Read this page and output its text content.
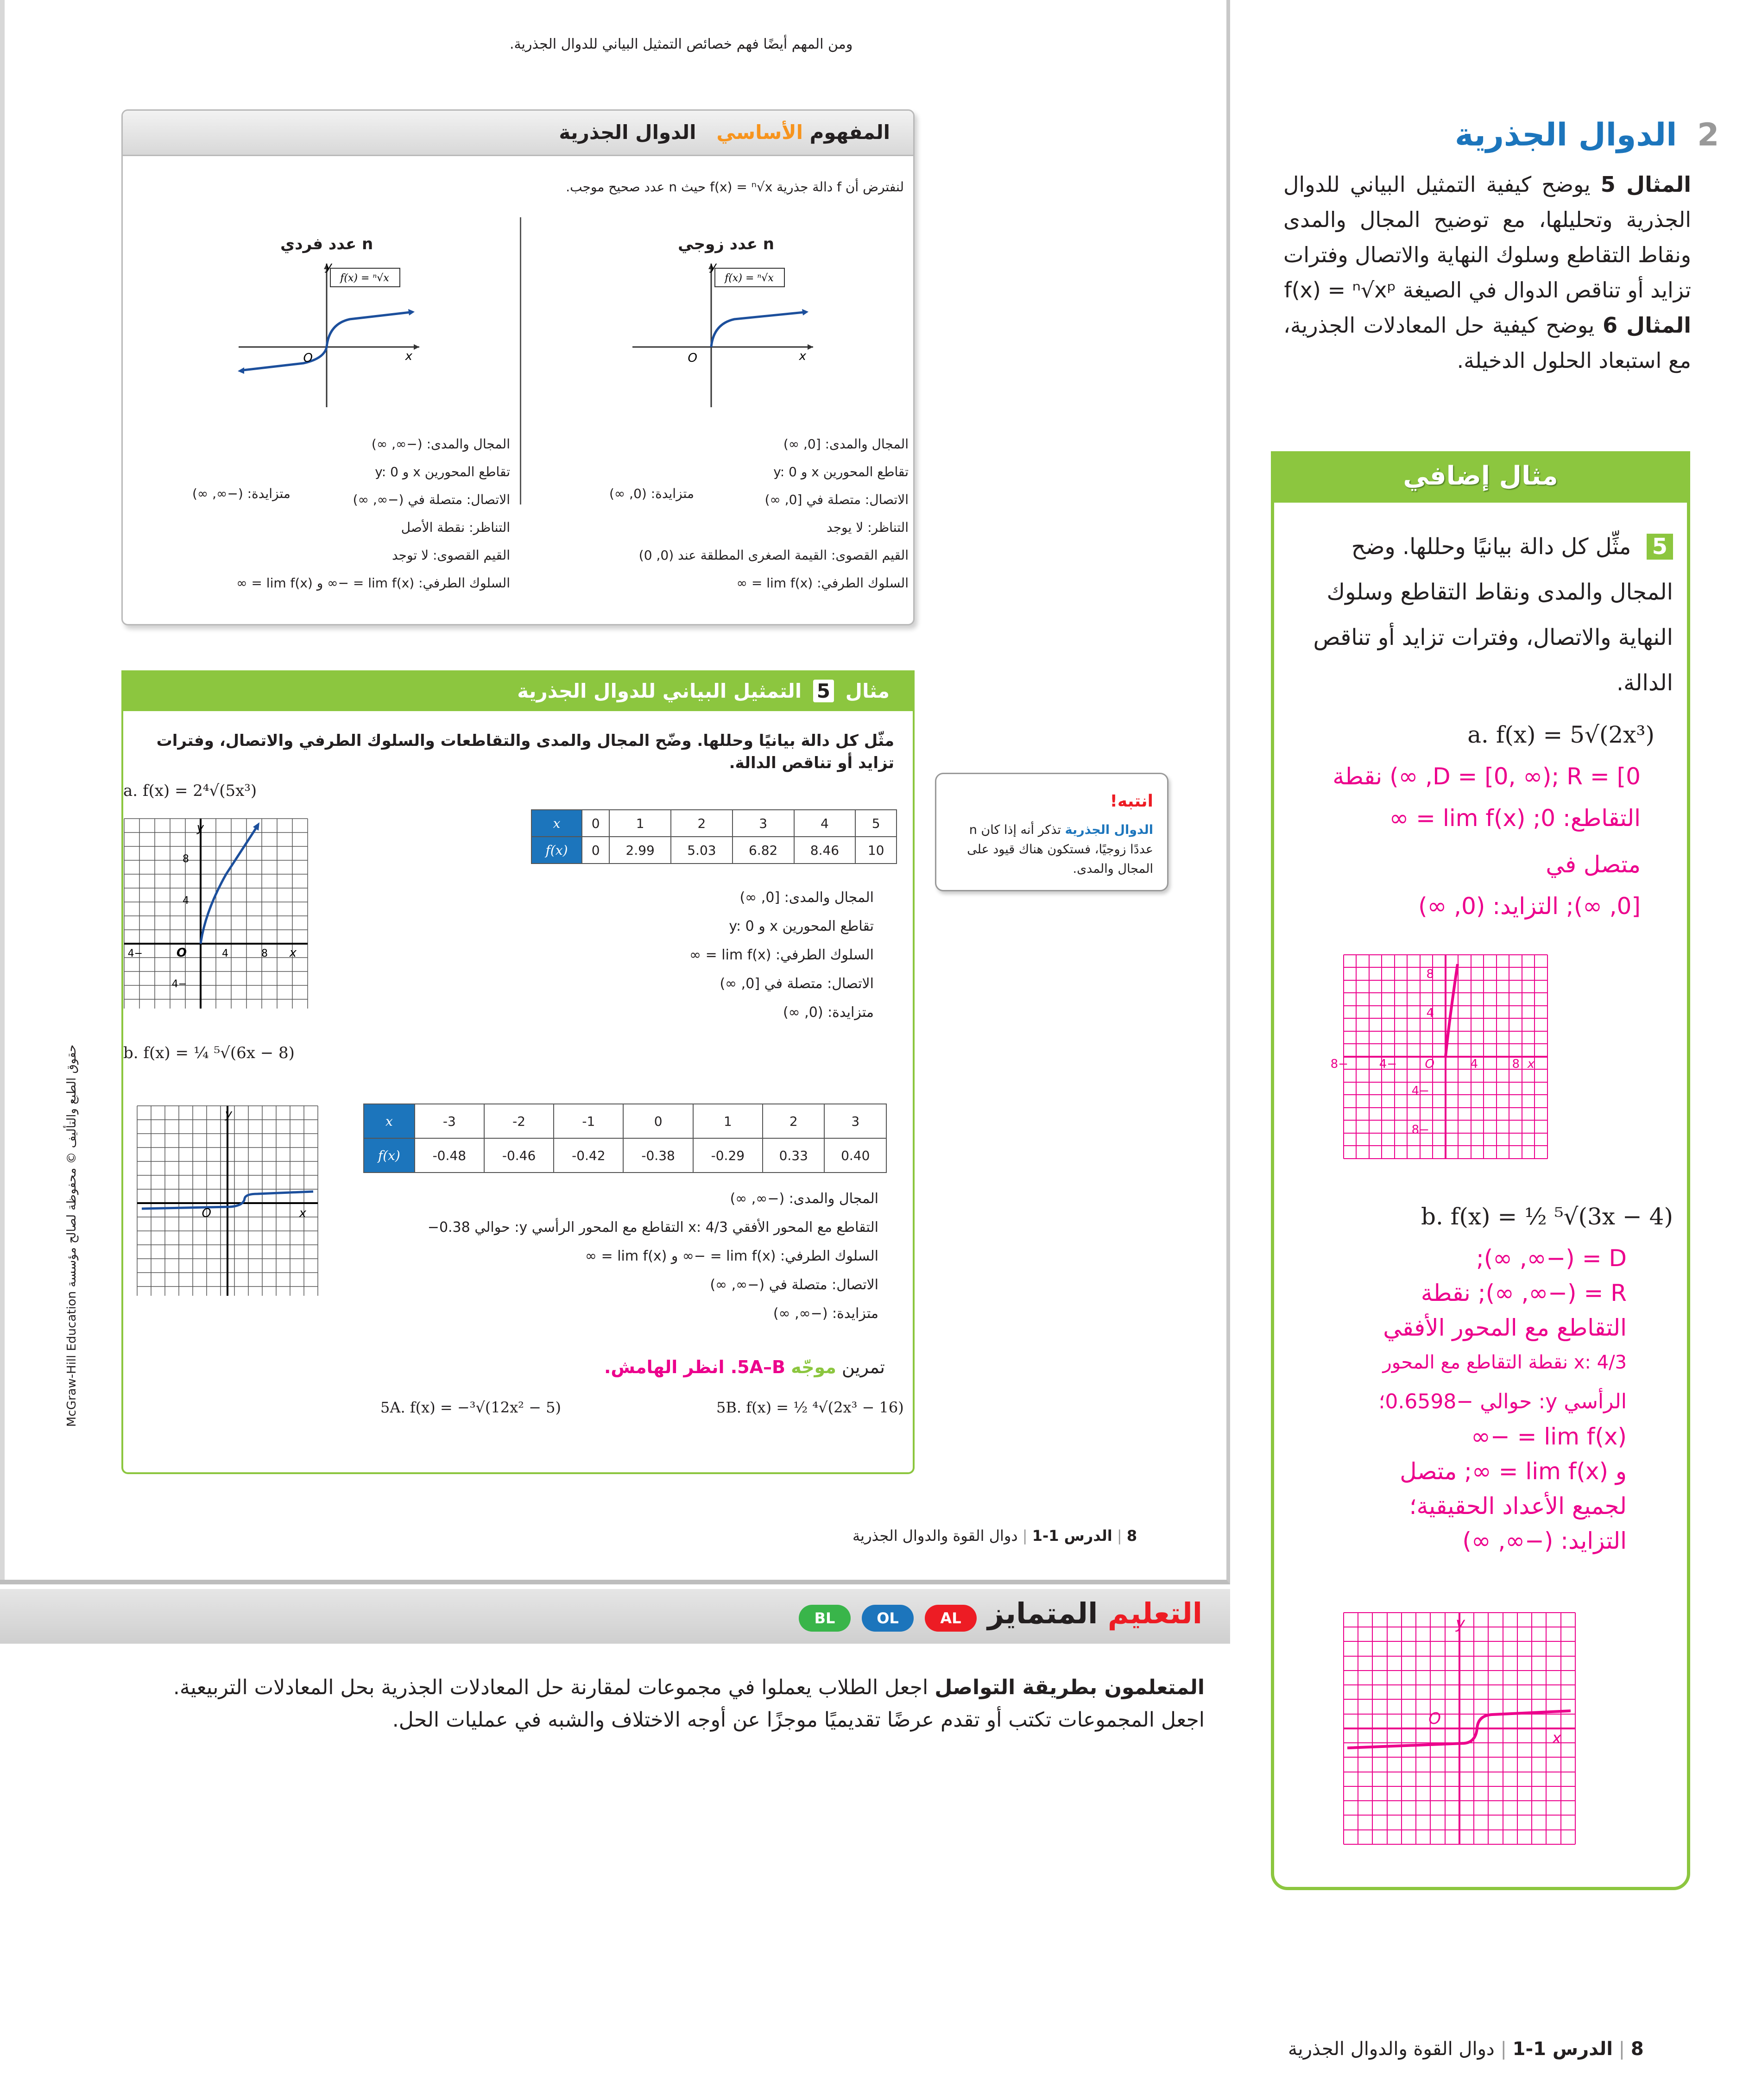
ومن المهم أيضًا فهم خصائص التمثيل البياني للدوال الجذرية.
المفهوم الأساسي   الدوال الجذرية
لنفترض أن f دالة جذرية f(x) = ⁿ√x حيث n عدد صحيح موجب.
n عدد زوجي
n عدد فردي
f(x) = ⁿ√x
y
x
O
f(x) = ⁿ√x
y
x
O
المجال والمدى: [0, ∞)
تقاطع المحورين x و y: 0
الاتصال: متصلة في [0, ∞)
التناظر: لا يوجد
القيم القصوى: القيمة الصغرى المطلقة عند (0, 0)
السلوك الطرفي: lim f(x) = ∞
متزايدة: (0, ∞)
المجال والمدى: (−∞, ∞)
تقاطع المحورين x و y: 0
الاتصال: متصلة في (−∞, ∞)
التناظر: نقطة الأصل
القيم القصوى: لا توجد
السلوك الطرفي: lim f(x) = −∞ و lim f(x) = ∞
متزايدة: (−∞, ∞)
مثال 5 التمثيل البياني للدوال الجذرية
مثّل كل دالة بيانيًا وحللها. وضّح المجال والمدى والتقاطعات والسلوك الطرفي والاتصال، وفترات تزايد أو تناقص الدالة.
a. f(x) = 2⁴√(5x³)
y
x
O
8
4
−4	4	8
−4
x	0	1	2	3	4	5
f(x)	0	2.99	5.03	6.82	8.46	10
المجال والمدى: [0, ∞)
تقاطع المحورين x و y: 0
السلوك الطرفي: lim f(x) = ∞
الاتصال: متصلة في [0, ∞)
متزايدة: (0, ∞)
b. f(x) = ¼ ⁵√(6x − 8)
y
x
O
x	-3	-2	-1	0	1	2	3
f(x)	-0.48	-0.46	-0.42	-0.38	-0.29	0.33	0.40
المجال والمدى: (−∞, ∞)
التقاطع مع المحور الأفقي x: 4/3 التقاطع مع المحور الرأسي y: حوالي 0.38−
السلوك الطرفي: lim f(x) = −∞ و lim f(x) = ∞
الاتصال: متصلة في (−∞, ∞)
متزايدة: (−∞, ∞)
تمرين موجّه 5A–B. انظر الهامش.
5A. f(x) = −³√(12x² − 5)	5B. f(x) = ½ ⁴√(2x³ − 16)
انتبه!
الدوال الجذرية تذكر أنه إذا كان n عددًا زوجيًا، فستكون هناك قيود على المجال والمدى.
8 | الدرس 1-1 | دوال القوة والدوال الجذرية
حقوق الطبع والتأليف © محفوظة لصالح مؤسسة McGraw-Hill Education
التعليم المتمايز
AL
OL
BL
المتعلمون بطريقة التواصل اجعل الطلاب يعملوا في مجموعات لمقارنة حل المعادلات الجذرية بحل المعادلات التربيعية. اجعل المجموعات تكتب أو تقدم عرضًا تقديميًا موجزًا عن أوجه الاختلاف والشبه في عمليات الحل.
2 الدوال الجذرية
المثال 5 يوضح كيفية التمثيل البياني للدوال الجذرية وتحليلها، مع توضيح المجال والمدى ونقاط التقاطع وسلوك النهاية والاتصال وفترات تزايد أو تناقص الدوال في الصيغة f(x) = ⁿ√xᵖ
المثال 6 يوضح كيفية حل المعادلات الجذرية، مع استبعاد الحلول الدخيلة.
مثال إضافي
5 مثِّل كل دالة بيانيًا وحللها. وضح المجال والمدى ونقاط التقاطع وسلوك النهاية والاتصال، وفترات تزايد أو تناقص الدالة.
a. f(x) = 5√(2x³)
D = [0, ∞); R = [0, ∞) نقطة
التقاطع: 0; lim f(x) = ∞
متصل في
[0, ∞); التزايد: (0, ∞)
8
4
−4
−8
−8	−4 O	4	8 x
b. f(x) = ½ ⁵√(3x − 4)
D = (−∞, ∞);
R = (−∞, ∞); نقطة
التقاطع مع المحور الأفقي
x: 4/3 نقطة التقاطع مع المحور
الرأسي y: حوالي −0.6598؛
lim f(x) = −∞
و lim f(x) = ∞; متصل
لجميع الأعداد الحقيقية؛
التزايد: (−∞, ∞)
y
O
x
8 | الدرس 1-1 | دوال القوة والدوال الجذرية
